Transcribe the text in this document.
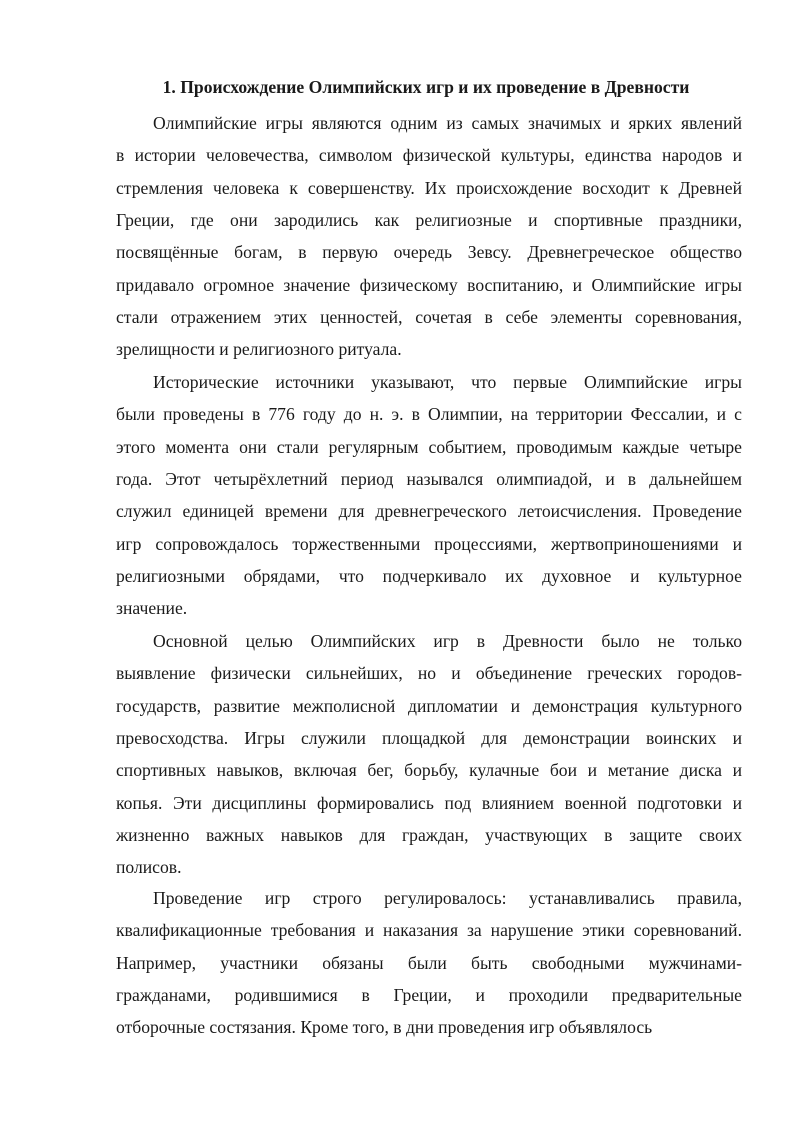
1. Происхождение Олимпийских игр и их проведение в Древности
Олимпийские игры являются одним из самых значимых и ярких явлений
в истории человечества, символом физической культуры, единства народов и
стремления человека к совершенству. Их происхождение восходит к Древней
Греции, где они зародились как религиозные и спортивные праздники,
посвящённые богам, в первую очередь Зевсу. Древнегреческое общество
придавало огромное значение физическому воспитанию, и Олимпийские игры
стали отражением этих ценностей, сочетая в себе элементы соревнования,
зрелищности и религиозного ритуала.
Исторические источники указывают, что первые Олимпийские игры
были проведены в 776 году до н. э. в Олимпии, на территории Фессалии, и с
этого момента они стали регулярным событием, проводимым каждые четыре
года. Этот четырёхлетний период назывался олимпиадой, и в дальнейшем
служил единицей времени для древнегреческого летоисчисления. Проведение
игр сопровождалось торжественными процессиями, жертвоприношениями и
религиозными обрядами, что подчеркивало их духовное и культурное
значение.
Основной целью Олимпийских игр в Древности было не только
выявление физически сильнейших, но и объединение греческих городов-
государств, развитие межполисной дипломатии и демонстрация культурного
превосходства. Игры служили площадкой для демонстрации воинских и
спортивных навыков, включая бег, борьбу, кулачные бои и метание диска и
копья. Эти дисциплины формировались под влиянием военной подготовки и
жизненно важных навыков для граждан, участвующих в защите своих
полисов.
Проведение игр строго регулировалось: устанавливались правила,
квалификационные требования и наказания за нарушение этики соревнований.
Например, участники обязаны были быть свободными мужчинами-
гражданами, родившимися в Греции, и проходили предварительные
отборочные состязания. Кроме того, в дни проведения игр объявлялось
